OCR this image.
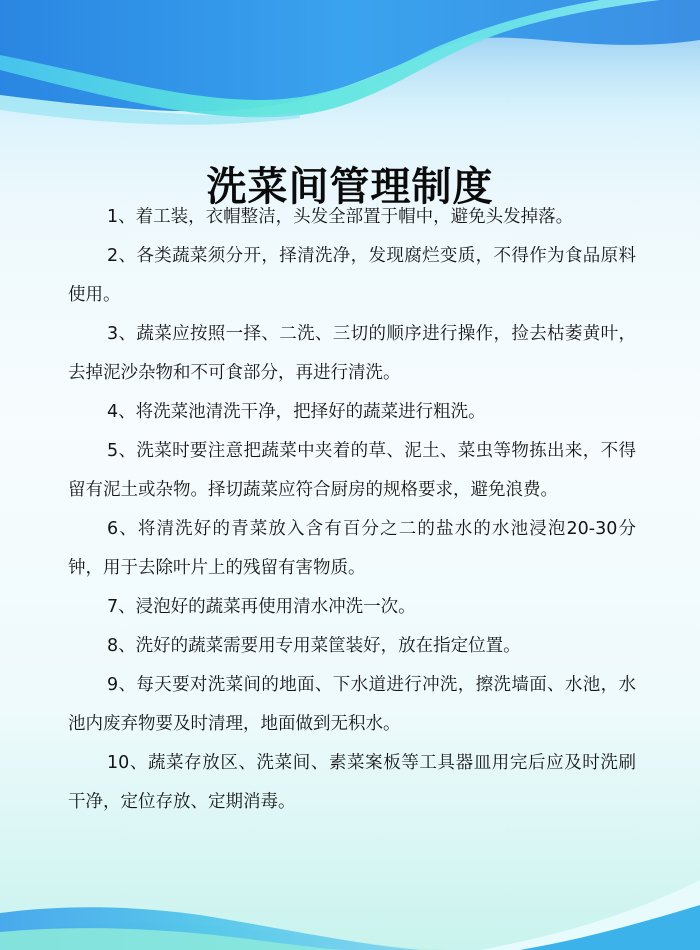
洗菜间管理制度

1、着工装，衣帽整洁，头发全部置于帽中，避免头发掉落。

2、各类蔬菜须分开，择清洗净，发现腐烂变质，不得作为食品原料使用。

3、蔬菜应按照一择、二洗、三切的顺序进行操作，捡去枯萎黄叶，去掉泥沙杂物和不可食部分，再进行清洗。

4、将洗菜池清洗干净，把择好的蔬菜进行粗洗。

5、洗菜时要注意把蔬菜中夹着的草、泥土、菜虫等物拣出来，不得留有泥土或杂物。择切蔬菜应符合厨房的规格要求，避免浪费。

6、将清洗好的青菜放入含有百分之二的盐水的水池浸泡20-30分钟，用于去除叶片上的残留有害物质。

7、浸泡好的蔬菜再使用清水冲洗一次。

8、洗好的蔬菜需要用专用菜筐装好，放在指定位置。

9、每天要对洗菜间的地面、下水道进行冲洗，擦洗墙面、水池，水池内废弃物要及时清理，地面做到无积水。

10、蔬菜存放区、洗菜间、素菜案板等工具器皿用完后应及时洗刷干净，定位存放、定期消毒。
